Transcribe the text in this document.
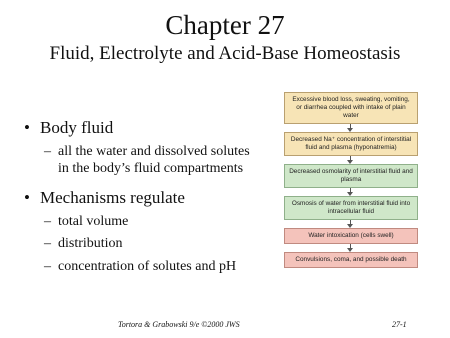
Chapter 27
Fluid, Electrolyte and Acid-Base Homeostasis
• Body fluid
– all the water and dissolved solutes
in the body’s fluid compartments
• Mechanisms regulate
– total volume
– distribution
– concentration of solutes and pH
Excessive blood loss, sweating, vomiting, or diarrhea coupled with intake of plain water
Decreased Na⁺ concentration of interstitial fluid and plasma (hyponatremia)
Decreased osmolarity of interstitial fluid and plasma
Osmosis of water from interstitial fluid into intracellular fluid
Water intoxication (cells swell)
Convulsions, coma, and possible death
Tortora & Grabowski 9/e ©2000 JWS	27-1
